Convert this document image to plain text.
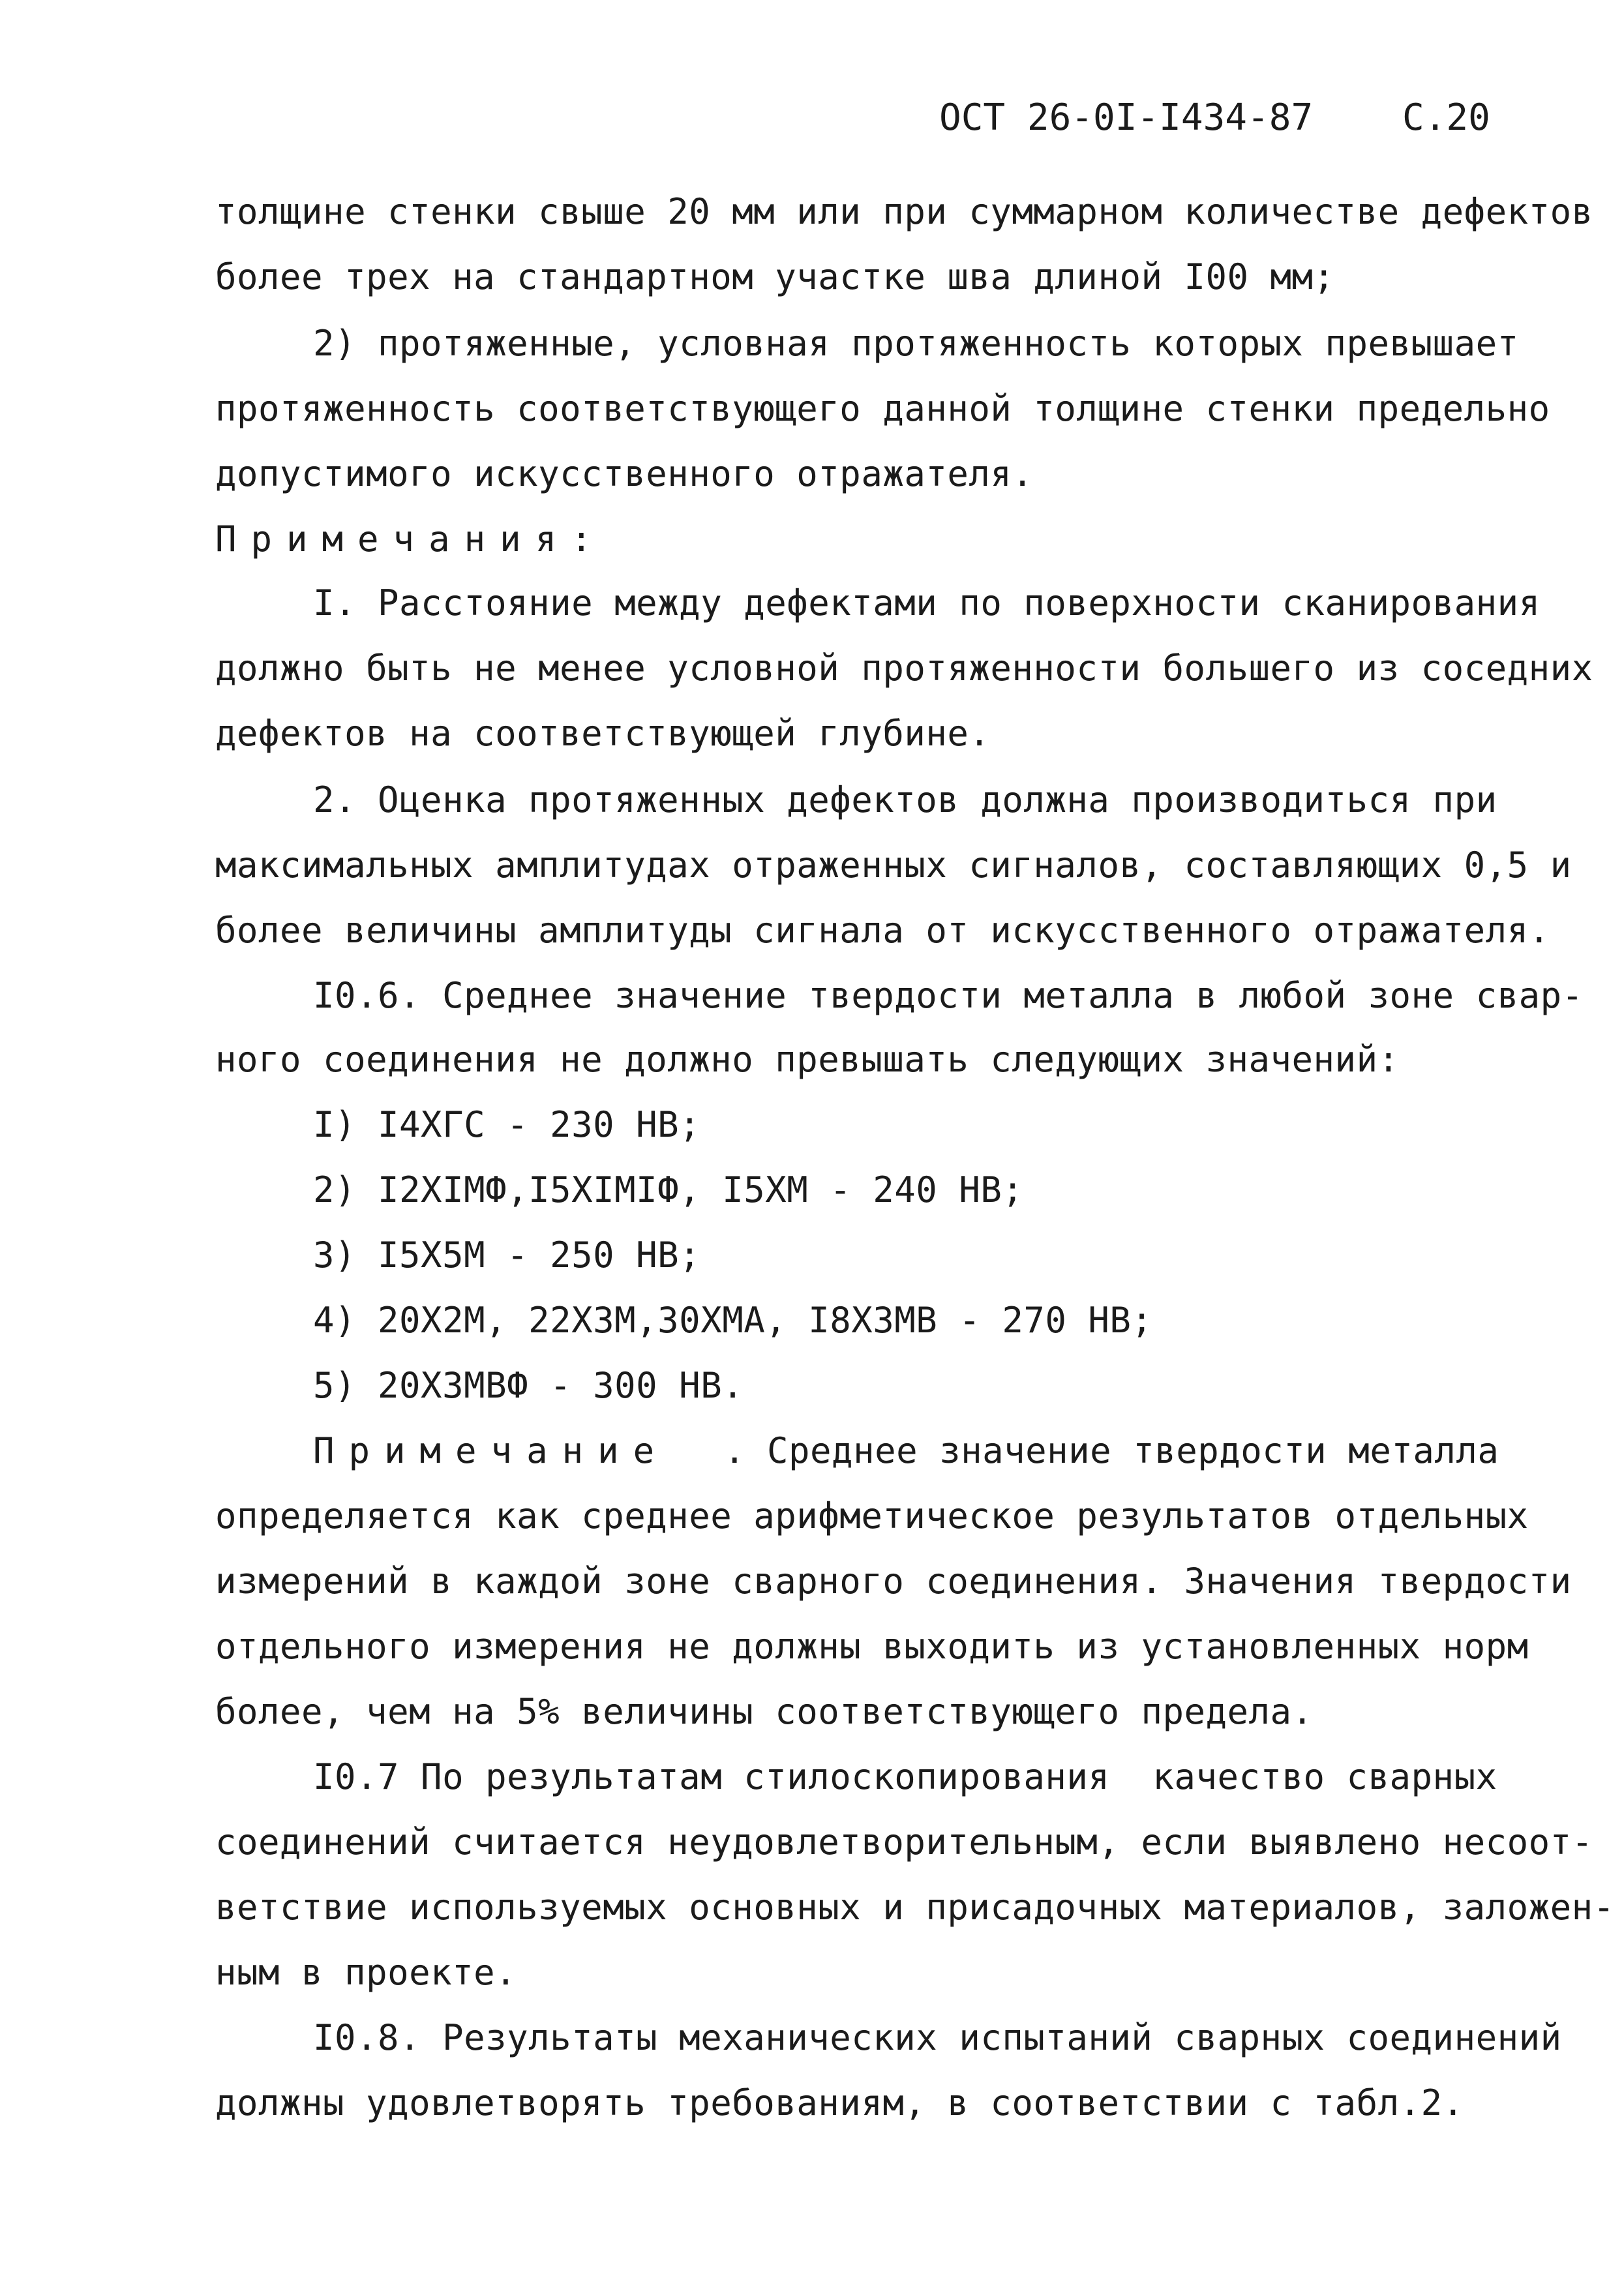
ОСТ 26-0I-I434-87 С.20
толщине стенки свыше 20 мм или при суммарном количестве дефектов
более трех на стандартном участке шва длиной I00 мм;
2) протяженные, условная протяженность которых превышает
протяженность соответствующего данной толщине стенки предельно
допустимого искусственного отражателя.
Примечания:
I. Расстояние между дефектами по поверхности сканирования
должно быть не менее условной протяженности большего из соседних
дефектов на соответствующей глубине.
2. Оценка протяженных дефектов должна производиться при
максимальных амплитудах отраженных сигналов, составляющих 0,5 и
более величины амплитуды сигнала от искусственного отражателя.
I0.6. Среднее значение твердости металла в любой зоне свар-
ного соединения не должно превышать следующих значений:
I) I4ХГС - 230 НВ;
2) I2ХIМФ,I5ХIМIФ, I5ХМ - 240 НВ;
3) I5Х5М - 250 НВ;
4) 20Х2М, 22Х3М,30ХМА, I8Х3МВ - 270 НВ;
5) 20Х3МВФ - 300 НВ.
Примечание . Среднее значение твердости металла
определяется как среднее арифметическое результатов отдельных
измерений в каждой зоне сварного соединения. Значения твердости
отдельного измерения не должны выходить из установленных норм
более, чем на 5% величины соответствующего предела.
I0.7 По результатам стилоскопирования  качество сварных
соединений считается неудовлетворительным, если выявлено несоот-
ветствие используемых основных и присадочных материалов, заложен-
ным в проекте.
I0.8. Результаты механических испытаний сварных соединений
должны удовлетворять требованиям, в соответствии с табл.2.
